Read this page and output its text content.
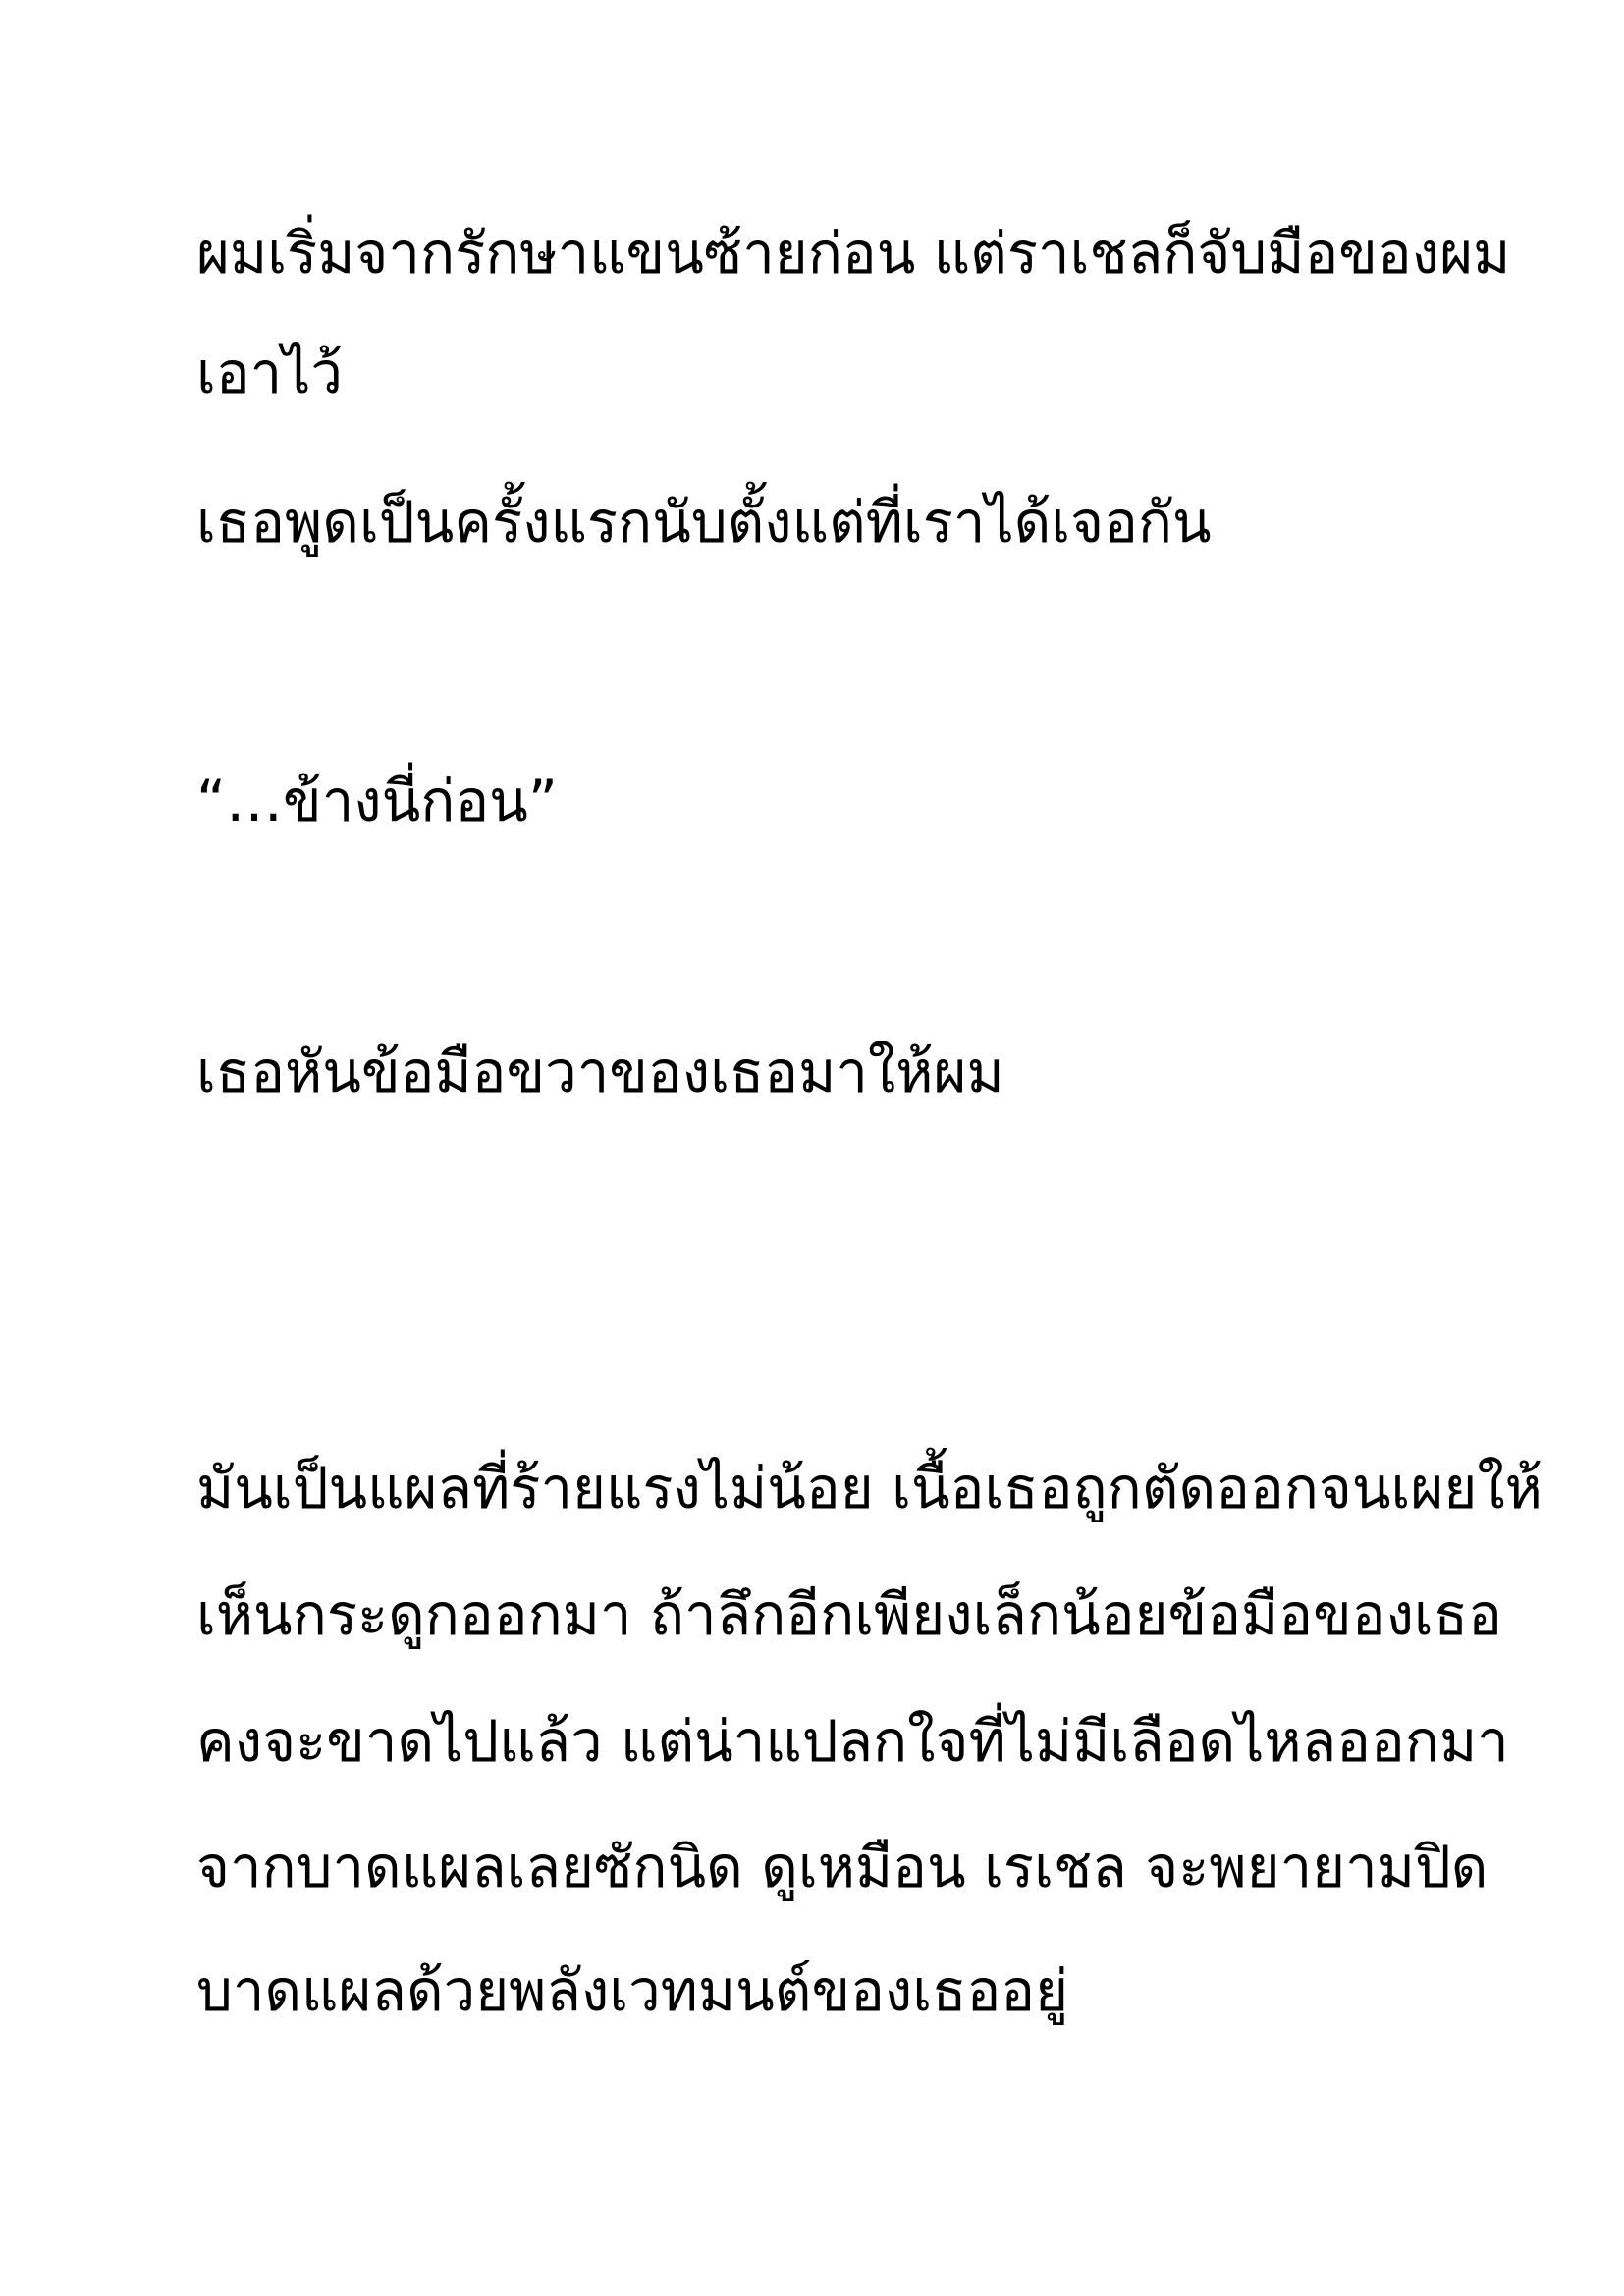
ผมเริ่มจากรักษาแขนซ้ายก่อน แต่ราเชลก็จับมือของผม

เอาไว้

เธอพูดเป็นครั้งแรกนับตั้งแต่ที่เราได้เจอกัน

“…ข้างนี่ก่อน”

เธอหันข้อมือขวาของเธอมาให้ผม

มันเป็นแผลที่ร้ายแรงไม่น้อย เนื้อเธอถูกตัดออกจนเผยให้

เห็นกระดูกออกมา ถ้าลึกอีกเพียงเล็กน้อยข้อมือของเธอ

คงจะขาดไปแล้ว แต่น่าแปลกใจที่ไม่มีเลือดไหลออกมา

จากบาดแผลเลยซักนิด ดูเหมือน เรเชล จะพยายามปิด

บาดแผลด้วยพลังเวทมนต์ของเธออยู่
